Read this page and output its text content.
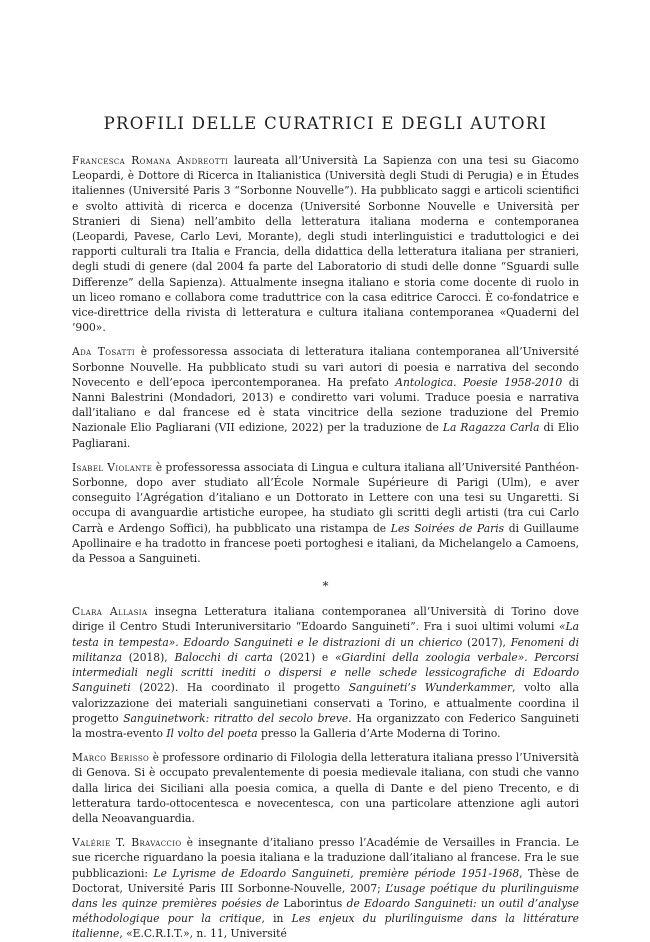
PROFILI DELLE CURATRICI E DEGLI AUTORI

Francesca Romana Andreotti laureata all’Università La Sapienza con una tesi su Giacomo Leopardi, è Dottore di Ricerca in Italianistica (Università degli Studi di Perugia) e in Études italiennes (Université Paris 3 “Sorbonne Nouvelle”). Ha pubblicato saggi e articoli scientifici e svolto attività di ricerca e docenza (Université Sorbonne Nouvelle e Università per Stranieri di Siena) nell’ambito della letteratura italiana moderna e contemporanea (Leopardi, Pavese, Carlo Levi, Morante), degli studi interlinguistici e traduttologici e dei rapporti culturali tra Italia e Francia, della didattica della letteratura italiana per stranieri, degli studi di genere (dal 2004 fa parte del Laboratorio di studi delle donne “Sguardi sulle Differenze” della Sapienza). Attualmente insegna italiano e storia come docente di ruolo in un liceo romano e collabora come traduttrice con la casa editrice Carocci. È co-fondatrice e vice-direttrice della rivista di letteratura e cultura italiana contemporanea «Quaderni del ’900».

Ada Tosatti è professoressa associata di letteratura italiana contemporanea all’Université Sorbonne Nouvelle. Ha pubblicato studi su vari autori di poesia e narrativa del secondo Novecento e dell’epoca ipercontemporanea. Ha prefato Antologica. Poesie 1958-2010 di Nanni Balestrini (Mondadori, 2013) e condiretto vari volumi. Traduce poesia e narrativa dall’italiano e dal francese ed è stata vincitrice della sezione traduzione del Premio Nazionale Elio Pagliarani (VII edizione, 2022) per la traduzione de La Ragazza Carla di Elio Pagliarani.

Isabel Violante è professoressa associata di Lingua e cultura italiana all’Université Panthéon-Sorbonne, dopo aver studiato all’École Normale Supérieure di Parigi (Ulm), e aver conseguito l’Agrégation d’italiano e un Dottorato in Lettere con una tesi su Ungaretti. Si occupa di avanguardie artistiche europee, ha studiato gli scritti degli artisti (tra cui Carlo Carrà e Ardengo Soffici), ha pubblicato una ristampa de Les Soirées de Paris di Guillaume Apollinaire e ha tradotto in francese poeti portoghesi e italiani, da Michelangelo a Camoens, da Pessoa a Sanguineti.

*

Clara Allasia insegna Letteratura italiana contemporanea all’Università di Torino dove dirige il Centro Studi Interuniversitario “Edoardo Sanguineti”. Fra i suoi ultimi volumi «La testa in tempesta». Edoardo Sanguineti e le distrazioni di un chierico (2017), Fenomeni di militanza (2018), Balocchi di carta (2021) e «Giardini della zoologia verbale». Percorsi intermediali negli scritti inediti o dispersi e nelle schede lessicografiche di Edoardo Sanguineti (2022). Ha coordinato il progetto Sanguineti’s Wunderkammer, volto alla valorizzazione dei materiali sanguinetiani conservati a Torino, e attualmente coordina il progetto Sanguinetwork: ritratto del secolo breve. Ha organizzato con Federico Sanguineti la mostra-evento Il volto del poeta presso la Galleria d’Arte Moderna di Torino.

Marco Berisso è professore ordinario di Filologia della letteratura italiana presso l’Università di Genova. Si è occupato prevalentemente di poesia medievale italiana, con studi che vanno dalla lirica dei Siciliani alla poesia comica, a quella di Dante e del pieno Trecento, e di letteratura tardo-ottocentesca e novecentesca, con una particolare attenzione agli autori della Neoavanguardia.

Valérie T. Bravaccio è insegnante d’italiano presso l’Académie de Versailles in Francia. Le sue ricerche riguardano la poesia italiana e la traduzione dall’italiano al francese. Fra le sue pubblicazioni: Le Lyrisme de Edoardo Sanguineti, première période 1951-1968, Thèse de Doctorat, Université Paris III Sorbonne-Nouvelle, 2007; L’usage poétique du plurilinguisme dans les quinze premières poésies de Laborintus de Edoardo Sanguineti: un outil d’analyse méthodologique pour la critique, in Les enjeux du plurilinguisme dans la littérature italienne, «E.C.R.I.T.», n. 11, Université
